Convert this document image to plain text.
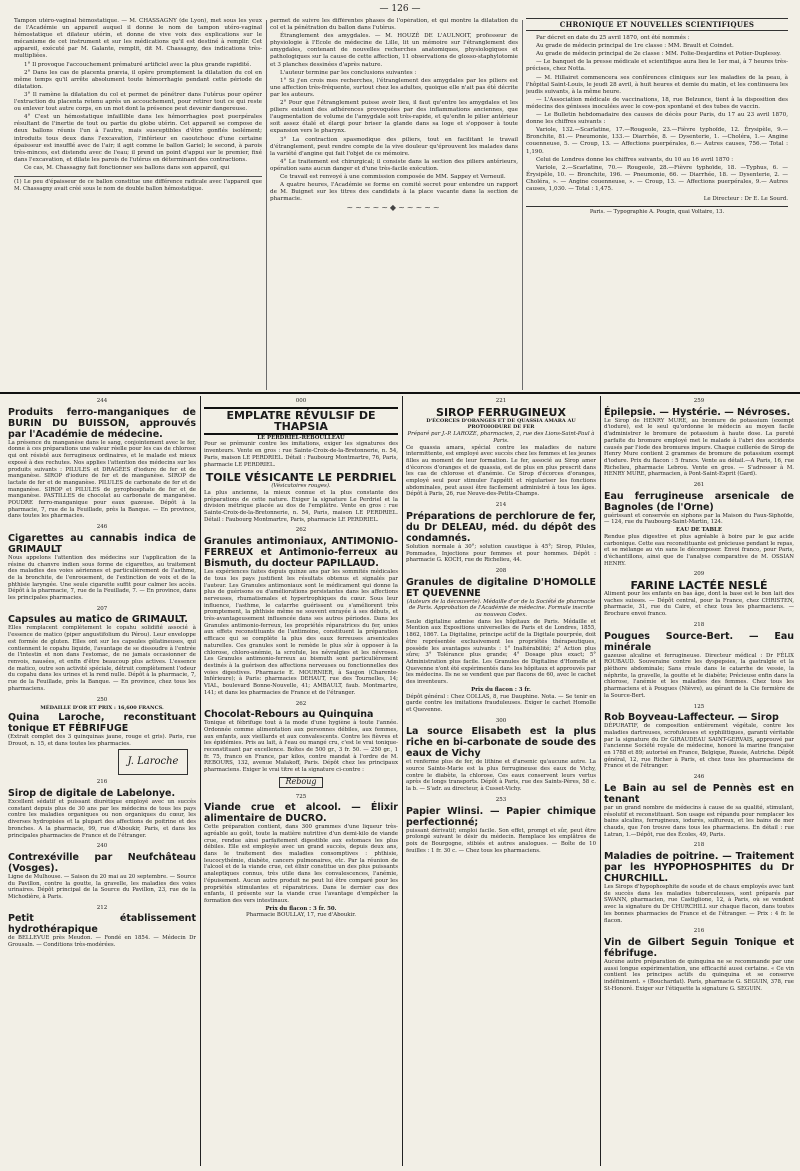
— 126 —

Tampon utéro-vaginal hémostatique. — M. CHASSAGNY (de Lyon), met sous les yeux de l'Académie un appareil auquel il donne le nom de tampon utéro-vaginal hémostatique et dilateur utérin, et donne de vive voix des explications sur le mécanisme de cet instrument et sur les médications qu'il est destiné à remplir. Cet appareil, exécuté par M. Galante, remplit, dit M. Chassagny, des indications très-multipliées.

1° Il provoque l'accouchement prématuré artificiel avec la plus grande rapidité.

2° Dans les cas de placenta prævia, il opère promptement la dilatation du col en même temps qu'il arrête absolument toute hémorrhagie pendant cette période de dilatation.

3° Il ramène la dilatation du col et permet de pénétrer dans l'utérus pour opérer l'extraction du placenta retenu après un accouchement, pour retirer tout ce qui reste ou enlever tout autre corps, en un mot dont la présence peut devenir dangereuse.

4° C'est un hémostatique infaillible dans les hémorrhagies post puerpérales résultant de l'inertie de tout ou partie du globe utérin. Cet appareil se compose de deux ballons réunis l'un à l'autre, mais susceptibles d'être gonflés isolément; introduits tous deux dans l'excavation, l'inférieur en caoutchouc d'une certaine épaisseur est insufflé avec de l'air; il agit comme le ballon Gariel; le second, à parois très-minces, est distendu avec de l'eau; il prend un point d'appui sur le premier, fixé dans l'excavation, et dilate les parois de l'utérus en déterminant des contractions.

Ce cas, M. Chassagny fait fonctionner ses ballons dans son appareil, qui

(1) Le peu d'épaisseur de ce ballon constitue une différence radicale avec l'appareil que M. Chassagny avait créé sous le nom de double ballon hémostatique.

permet de suivre les différentes phases de l'opération, et qui montre la dilatation du col et la pénétration du ballon dans l'utérus.

Étranglement des amygdales. — M. HOUZÉ DE L'AULNOIT, professeur de physiologie à l'Ecole de médecine de Lille, lit un mémoire sur l'étranglement des amygdales, contenant de nouvelles recherches anatomiques, physiologiques et pathologiques sur la cause de cette affection, 11 observations de glosso-staphylotomie et 3 planches dessinées d'après nature.

L'auteur termine par les conclusions suivantes :

1° Si j'en crois mes recherches, l'étranglement des amygdales par les piliers est une affection très-fréquente, surtout chez les adultes, quoique elle n'ait pas été décrite par les auteurs.

2° Pour que l'étranglement puisse avoir lieu, il faut qu'entre les amygdales et les piliers existent des adhérences provoquées par des inflammations anciennes, que l'augmentation de volume de l'amygdale soit très-rapide, et qu'enfin le pilier antérieur soit assez étalé et élargi pour briser la glande dans sa loge et s'opposer à toute expansion vers le pharynx.

3° La contraction spasmodique des piliers, tout en facilitant le travail d'étranglement, peut rendre compte de la vive douleur qu'éprouvent les malades dans la variété d'angine qui fait l'objet de ce mémoire.

4° Le traitement est chirurgical; il consiste dans la section des piliers antérieurs, opération sans aucun danger et d'une très-facile exécution.

Ce travail est renvoyé à une commission composée de MM. Sappey et Verneuil.

A quatre heures, l'Académie se forme en comité secret pour entendre un rapport de M. Buignet sur les titres des candidats à la place vacante dans la section de pharmacie.

~~~~~◆~~~~~
CHRONIQUE ET NOUVELLES SCIENTIFIQUES

Par décret en date du 25 avril 1870, ont été nommés :

Au grade de médecin principal de 1re classe : MM. Brault et Coindet.

Au grade de médecin principal de 2e classe : MM. Folie-Desjardins et Potier-Duplessy.

— Le banquet de la presse médicale et scientifique aura lieu le 1er mai, à 7 heures très-précises, chez Notta.

— M. Hillairet commencera ses conférences cliniques sur les maladies de la peau, à l'hôpital Saint-Louis, le jeudi 28 avril, à huit heures et demie du matin, et les continuera les jeudis suivants, à la même heure.

— L'Association médicale de vaccinations, 18, rue Belzunce, tient à la disposition des médecins des génisses inoculées avec le cow-pox spontané et des tubes de vaccin.

— Le Bulletin hebdomadaire des causes de décès pour Paris, du 17 au 23 avril 1870, donne les chiffres suivants :

Variole, 132.—Scarlatine, 17.—Rougeole, 23.—Fièvre typhoïde, 12. Érysipèle, 9.—Bronchite, 81.— Pneumonie, 133.— Diarrhée, 8. — Dysenterie, 1. —Choléra, 1.— Angine couenneuse, 5. — Croup, 13. — Affections puerpérales, 6.— Autres causes, 756.— Total : 1,190.

Celui de Londres donne les chiffres suivants, du 10 au 16 avril 1870 :

Variole, 2.—Scarlatine, 70.— Rougeole, 28.—Fièvre typhoïde, 18. —Typhus, 6. — Érysipèle, 10. — Bronchite, 196. — Pneumonie, 66. — Diarrhée, 18. — Dysenterie, 2. — Choléra, ». — Angine couenneuse, ». — Croup, 13. — Affections puerpérales, 9.— Autres causes, 1,030. — Total : 1,475.

Le Directeur : Dr E. Le Sourd.
Paris. — Typographie A. Pougin, quai Voltaire, 13.
244
Produits ferro-manganiques de BURIN DU BUISSON, approuvés par l'Académie de médecine.

La présence du manganèse dans le sang, conjointement avec le fer, donne à ces préparations une valeur réelle pour les cas de chlorose qui ont résisté aux ferrugineux ordinaires, et le malade est mieux exposé à des rechutes. Nos applies l'attention des médecins sur les produits suivants : PILULES et DRAGÉES d'iodure de fer et de manganèse. SIROP d'iodure de fer et de manganèse. SIROP de lactate de fer et de manganèse. PILULES de carbonate de fer et de manganèse. SIROP et PILULES de pyrophosphate de fer et de manganèse. PASTILLES de chocolat au carbonate de manganèse. POUDRE ferro-manganique pour eaux gazeuse. Dépôt à la pharmacie, 7, rue de la Feuillade, près la Banque. — En province, dans toutes les pharmacies.

246
Cigarettes au cannabis indica de GRIMAULT

Nous appelons l'attention des médecins sur l'application de la résine du chanvre indien sous forme de cigarettes, au traitement des maladies des voies aériennes et particulièrement de l'asthme, de la bronchite, de l'enrouement, de l'extinction de voix et de la phthisie laryngée. Une seule cigarette suffit pour calmer les accès. Dépôt à la pharmacie, 7, rue de la Feuillade, 7. — En province, dans les principales pharmacies.

207
Capsules au matico de GRIMAULT.

Elles remplacent complètement le copahu solidifié associé à l'essence de matico (piper angustifolium du Pérou). Leur enveloppe est formée de gluten. Elles ont sur les capsules gélatineuses, qui contiennent le copahu liquide, l'avantage de se dissoudre à l'entrée de l'intestin et non dans l'estomac, de ne jamais occasionner de renvois, nausées, et enfin d'être beaucoup plus actives. L'essence de matico, outre son activité spéciale, détruit complètement l'odeur du copahu dans les urines et la rend nulle. Dépôt à la pharmacie, 7, rue de la Feuillade, près la Banque. — En province, chez tous les pharmaciens.

250
MÉDAILLE D'OR ET PRIX : 16,600 FRANCS.
Quina Laroche, reconstituant tonique ET FÉBRIFUGE

(Extrait complet des 3 quinquinas jaune, rouge et gris). Paris, rue Drouot, n. 15, et dans toutes les pharmacies.

J. Laroche
216
Sirop de digitale de Labelonye.

Excellent sédatif et puissant diurétique employé avec un succès constant depuis plus de 30 ans par les médecins de tous les pays contre les maladies organiques ou non organiques du cœur, les diverses hydropisies et la plupart des affections de poitrine et des bronches. A la pharmacie, 99, rue d'Aboukir, Paris, et dans les principales pharmacies de France et de l'étranger.

240
Contrexéville par Neufchâteau (Vosges).

Ligne de Mulhouse. — Saison du 20 mai au 20 septembre. — Source du Pavillon, contre la goutte, la gravelle, les maladies des voies urinaires. Dépôt principal de la Source du Pavillon, 23, rue de la Michodière, à Paris.

212
Petit établissement hydrothérapique

de BELLEVUE près Meudon. — Fondé en 1854. — Médecin Dr Grousaln. — Conditions très-modérées.

000
EMPLATRE RÉVULSIF DE THAPSIA
LE PERDRIEL-REBOULLEAU

Pour se prémunir contre les imitations, exiger les signatures des inventeurs. Vente en gros : rue Sainte-Croix-de-la-Bretonnerie, n. 54, Paris, maison LE PERDRIEL. Détail : Faubourg Montmartre, 76, Paris, pharmacie LE PERDRIEL.

TOILE VÉSICANTE LE PERDRIEL
(Vésicatoires rouges).

La plus ancienne, la mieux connue et la plus constante des préparations de cette nature. Exiger la signature Le Perdriel et la division métrique placée au dos de l'emplâtre. Vente en gros : rue Sainte-Croix-de-la-Bretonnerie, n. 54, Paris, maison LE PERDRIEL. Détail : Faubourg Montmartre, Paris, pharmacie LE PERDRIEL.

262
Granules antimoniaux, ANTIMONIO-FERREUX et Antimonio-ferreux au Bismuth, du docteur PAPILLAUD.

Les expériences faites depuis quinze ans par les sommités médicales de tous les pays justifient les résultats obtenus et signalés par l'auteur. Les Granules antimoniaux sont le médicament qui donne la plus de guérisons ou d'améliorations persistantes dans les affections nerveuses, rhumatismales et hypertrophiques du cœur. Sous leur influence, l'asthme, le catarrhe guérissent ou s'améliorent très promptement, la phthisie même ne souvent enrayée à ses débuts, et très-avantageusement influencée dans ses autres périodes. Dans les Granules antimonio-ferreux, les propriétés réparatrices du fer, unies aux effets reconstituants de l'antimoine, constituent la préparation efficace qui se complète la plus des eaux ferreuses arsenicales naturelles. Ces granules sont le remède le plus sûr à opposer à la chlorose, chloro-anémie, la scrofule, les névralgies et les névroses. Les Granules antimonio-ferreux au bismuth sont particulièrement destinés à la guérison des affections nerveuses ou fonctionnelles des voies digestives. Pharmacie E. MOURNIER, à Saujon (Charente-Inférieure); à Paris: pharmacies DEHAUT, rue des Tournelles, 14; VIAL, boulevard Bonne-Nouvelle, 41; AMBAULT, faub. Montmartre, 141; et dans les pharmacies de France et de l'étranger.

262
Chocolat-Rebours au Quinquina

Tonique et fébrifuge tout à la mode d'une hygiène à toute l'année. Ordonnée comme alimentation aux personnes débiles, aux femmes, aux enfants, aux vieillards et aux convalescents. Contre les fièvres et les épidémies. Pris au lait, à l'eau ou mangé cru, c'est le vrai tonique-reconstituant par excellence. Boîtes de 500 gr., 3 fr. 50. — 250 gr., 1 fr. 75, franco en France, par kilos, contre mandat à l'ordre de M. REBOURS, 132, avenue Malakoff, Paris. Dépôt chez les principaux pharmaciens. Exiger le vrai titre et la signature ci-contre :

Reboug
725
Viande crue et alcool. — Élixir alimentaire de DUCRO.

Cette préparation contient, dans 300 grammes d'une liqueur très-agréable au goût, toute la matière nutritive d'un demi-kilo de viande crue, rendue ainsi parfaitement digestible aux estomacs les plus débiles. Elle est employée avec un grand succès, depuis deux ans, dans le traitement des maladies consomptives : phthisie, leucocythémie, diabète, cancers pulmonaires, etc. Par la réunion de l'alcool et de la viande crue, cet élixir constitue un des plus puissants analeptiques connus, très utile dans les convalescences, l'anémie, l'épuisement. Aucun autre produit ne peut lui être comparé pour les propriétés stimulantes et réparatrices. Dans le dernier cas des enfants, il présente sur la viande crue l'avantage d'empêcher la formation des vers intestinaux.

Prix du flacon : 3 fr. 50.
Pharmacie BOULLAY, 17, rue d'Aboukir.
221
SIROP FERRUGINEUX
D'ÉCORCES D'ORANGES ET DE QUASSIA AMARA AU PROTOIODURE DE FER
Préparé par J.-P. LAROZE, pharmacien, 2, rue des Lions-Saint-Paul à Paris.

Ce quassia amara, spécial contre les maladies de nature intermittente, est employé avec succès chez les femmes et les jeunes filles au moment de leur formation. Le fer, associé au Sirop amer d'écorces d'oranges et de quassia, est de plus en plus prescrit dans les cas de chlorose et d'anémie. Ce Sirop d'écorces d'oranges, employé seul pour stimuler l'appétit et régulariser les fonctions abdominales, peut aussi être facilement administré à tous les âges. Dépôt à Paris, 26, rue Neuve-des-Petits-Champs.

214
Préparations de perchlorure de fer, du Dr DELEAU, méd. du dépôt des condamnés.

Solution normale à 30°; solution caustique à 45°; Sirop, Pilules, Pommades, Injections pour femmes et pour hommes. Dépôt : pharmacie G. KOCH, rue de Richelieu, 44.

208
Granules de digitaline D'HOMOLLE ET QUEVENNE
(Auteurs de la découverte). Médaille d'or de la Société de pharmacie de Paris. Approbation de l'Académie de médecine. Formule inscrite au nouveau Codex.

Seule digitaline admise dans les hôpitaux de Paris. Médaille et Mention aux Expositions universelles de Paris et de Londres, 1855, 1862, 1867. La Digitaline, principe actif de la Digitale pourprée, doit être représentée exclusivement les propriétés thérapeutiques, possède les avantages suivants : 1° Inaltérabilité; 2° Action plus sûre; 3° Tolérance plus grande; 4° Dosage plus exact; 5° Administration plus facile. Les Granules de Digitaline d'Homolle et Quevenne n'ont été expérimentés dans les hôpitaux et approuvés par les médecins. Ils ne se vendent que par flacons de 60, avec le cachet des inventeurs.

Prix du flacon : 3 fr.

Dépôt général : Chez COLLAS, 8, rue Dauphine. Nota. — Se tenir en garde contre les imitations frauduleuses. Exiger le cachet Homolle et Quevenne.

300
La source Elisabeth est la plus riche en bi-carbonate de soude des eaux de Vichy

et renferme plus de fer, de lithine et d'arsenic qu'aucune autre. La source Sainte-Marie est la plus ferrugineuse des eaux de Vichy, contre le diabète, la chlorose. Ces eaux conservent leurs vertus après de longs transports. Dépôt à Paris, rue des Saints-Pères, 58 c. la b. — S'adr. au directeur, à Cusset-Vichy.

253
Papier Wlinsi. — Papier chimique perfectionné;

puissant dérivatif; emploi facile. Son effet, prompt et sûr, peut être prolongé suivant le désir du médecin. Remplace les emplâtres de poix de Bourgogne, stibiés et autres analogues. — Boîte de 10 feuilles : 1 fr. 30 c. — Chez tous les pharmaciens.

259
Épilepsie. — Hystérie. — Névroses.

Le Sirop de HENRY MURE, au bromure de potassium (exempt d'iodure), est le seul qu'ordonne le médecin au moyen facile d'administrer le bromure de potassium à haute dose. La pureté parfaite du bromure employé met le malade à l'abri des accidents causés par l'iode des bromures impurs. Chaque cuillerée de Sirop de Henry Mure contient 2 grammes de bromure de potassium exempt d'iodure. Prix du flacon : 5 francs. Vente au détail.—A Paris, 16, rue Richelieu, pharmacie Lebrou. Vente en gros. — S'adresser à M. HENRY MURE, pharmacien, à Pont-Saint-Esprit (Gard).

261
Eau ferrugineuse arsenicale de Bagnoles (de l'Orne)

guérissant et conservée en siphons par la Maison du Faux-Siphoïde, — 124, rue du Faubourg-Saint-Martin, 124.

EAU DE TABLE

Rendue plus digestive et plus agréable à boire par le gaz acide carbonique. Cette eau reconstituante est précieuse pendant le repas, et se mélange au vin sans le décomposer. Envoi franco, pour Paris, d'échantillons, ainsi que de l'analyse comparative de M. OSSIAN HENRY.

209
FARINE LACTÉE NESLÉ

Aliment pour les enfants en bas âge, dont la base est le bon lait des vaches suisses. — Dépôt central, pour la France, chez CHRISTEN, pharmacie, 31, rue du Caire, et chez tous les pharmaciens. — Brochure envoi franco.

218
Pougues Source-Bert. — Eau minérale

gazeuse alcaline et ferrugineuse. Directeur médical : Dr FÉLIX ROUBAUD. Souveraine contre les dyspepsies, la gastralgie et la pléthore abdominale; Sans rivale dans le catarrhe de vessie, la néphrite, la gravelle, la goutte et le diabète; Précieuse enfin dans la chlorose, l'anémie et les maladies des femmes. Chez tous les pharmaciens et à Pougues (Nièvre), au gérant de la Cie fermière de la Source-Bert.

125
Rob Boyveau-Laffecteur. — Sirop

DÉPURATIF, de composition entièrement végétale, contre les maladies dartreuses, scrofuleuses et syphilitiques, garanti véritable par la signature du Dr GIRAUDEAU SAINT-GERVAIS, approuvé par l'ancienne Société royale de médecine, honoré la marine française en 1788 et 89; autorisé en France, Belgique, Russie, Autriche. Dépôt général, 12, rue Richer à Paris, et chez tous les pharmaciens de France et de l'étranger.

246
Le Bain au sel de Pennès est en tenant

par un grand nombre de médecins à cause de sa qualité, stimulant, résolutif et reconstituant. Son usage est répandu pour remplacer les bains alcalins, ferrugineux, iodurés, sulfureux, et les bains de mer chauds, que l'on trouve dans tous les pharmaciens. En détail : rue Latran, 1.—Dépôt, rue des Écoles, 49, Paris.

218
Maladies de poitrine. — Traitement par les HYPOPHOSPHITES du Dr CHURCHILL.

Les Sirops d'hypophosphite de soude et de chaux employés avec tant de succès dans les maladies tuberculeuses, sont préparés par SWANN, pharmacien, rue Castiglione, 12, à Paris, où se vendent avec la signature du Dr CHURCHILL sur chaque flacon, dans toutes les bonnes pharmacies de France et de l'étranger. — Prix : 4 fr. le flacon.

216
Vin de Gilbert Seguin Tonique et fébrifuge.

Aucune autre préparation de quinquina ne se recommande par une aussi longue expérimentation, une efficacité aussi certaine. « Ce vin contient les principes actifs du quinquina et se conserve indéfiniment. » (Bouchardat). Paris, pharmacie G. SEGUIN, 378, rue St-Honoré. Exiger sur l'étiquette la signature G. SEGUIN.
